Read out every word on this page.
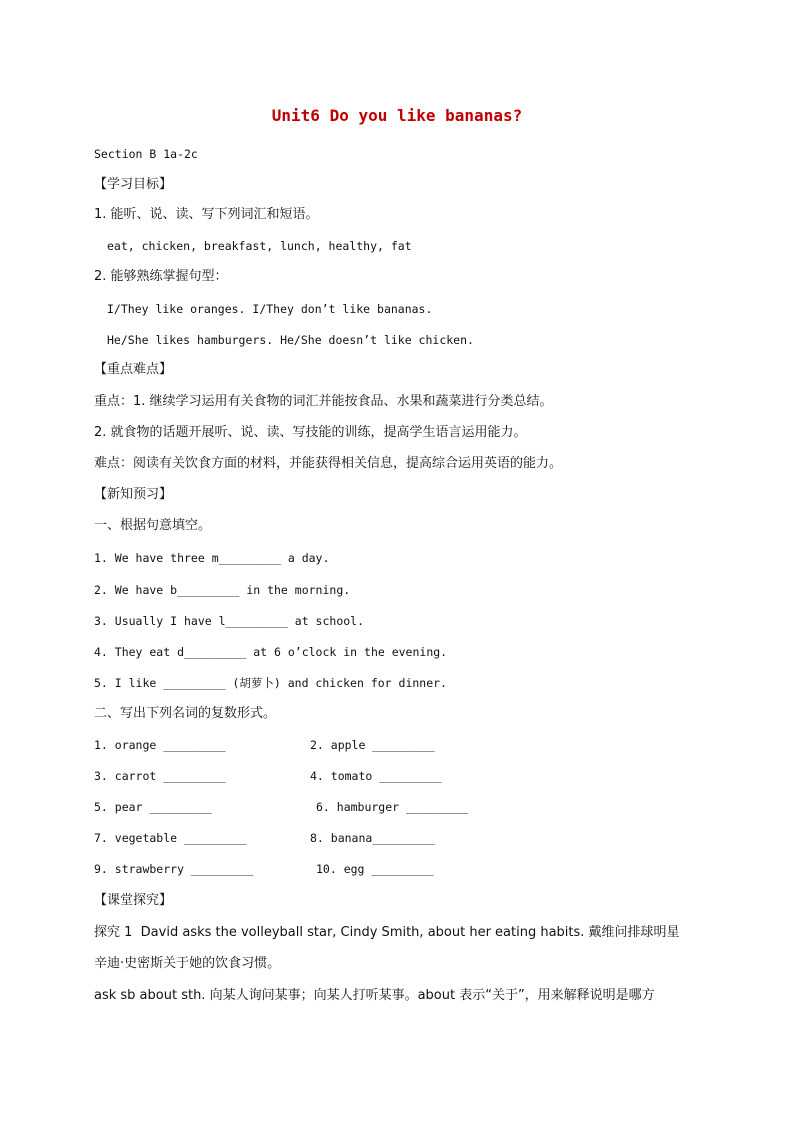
Unit6 Do you like bananas?
Section B 1a-2c
【学习目标】
1. 能听、说、读、写下列词汇和短语。
eat, chicken, breakfast, lunch, healthy, fat
2. 能够熟练掌握句型：
I/They like oranges. I/They don’t like bananas.
He/She likes hamburgers. He/She doesn’t like chicken.
【重点难点】
重点：1. 继续学习运用有关食物的词汇并能按食品、水果和蔬菜进行分类总结。
2. 就食物的话题开展听、说、读、写技能的训练，提高学生语言运用能力。
难点：阅读有关饮食方面的材料，并能获得相关信息，提高综合运用英语的能力。
【新知预习】
一、根据句意填空。
1. We have three m_________ a day.
2. We have b_________ in the morning.
3. Usually I have l_________ at school.
4. They eat d_________ at 6 o’clock in the evening.
5. I like _________ (胡萝卜) and chicken for dinner.
二、写出下列名词的复数形式。
1. orange _________	2. apple _________
3. carrot _________	4. tomato _________
5. pear _________	6. hamburger _________
7. vegetable _________	8. banana_________
9. strawberry _________	10. egg _________
【课堂探究】
探究 1  David asks the volleyball star, Cindy Smith, about her eating habits. 戴维问排球明星
辛迪·史密斯关于她的饮食习惯。
ask sb about sth. 向某人询问某事；向某人打听某事。about 表示“关于”，用来解释说明是哪方
